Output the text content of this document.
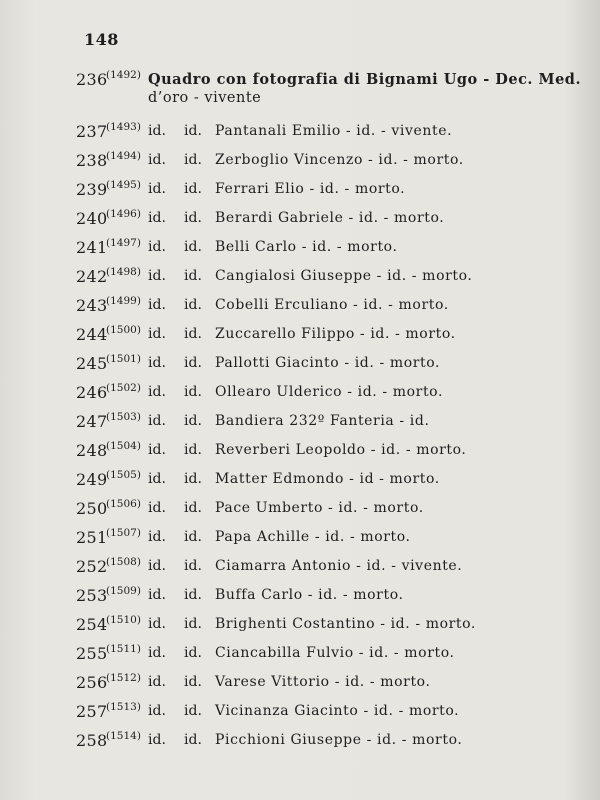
148
236
(1492) Quadro con fotografia di Bignami Ugo - Dec. Med.
d’oro - vivente
237
(1493) id. id. Pantanali Emilio - id. - vivente.
238
(1494) id. id. Zerboglio Vincenzo - id. - morto.
239
(1495) id. id. Ferrari Elio - id. - morto.
240
(1496) id. id. Berardi Gabriele - id. - morto.
241
(1497) id. id. Belli Carlo - id. - morto.
242
(1498) id. id. Cangialosi Giuseppe - id. - morto.
243
(1499) id. id. Cobelli Erculiano - id. - morto.
244
(1500) id. id. Zuccarello Filippo - id. - morto.
245
(1501) id. id. Pallotti Giacinto - id. - morto.
246
(1502) id. id. Ollearo Ulderico - id. - morto.
247
(1503) id. id. Bandiera 232º Fanteria - id.
248
(1504) id. id. Reverberi Leopoldo - id. - morto.
249
(1505) id. id. Matter Edmondo - id - morto.
250
(1506) id. id. Pace Umberto - id. - morto.
251
(1507) id. id. Papa Achille - id. - morto.
252
(1508) id. id. Ciamarra Antonio - id. - vivente.
253
(1509) id. id. Buffa Carlo - id. - morto.
254
(1510) id. id. Brighenti Costantino - id. - morto.
255
(1511) id. id. Ciancabilla Fulvio - id. - morto.
256
(1512) id. id. Varese Vittorio - id. - morto.
257
(1513) id. id. Vicinanza Giacinto - id. - morto.
258
(1514) id. id. Picchioni Giuseppe - id. - morto.
